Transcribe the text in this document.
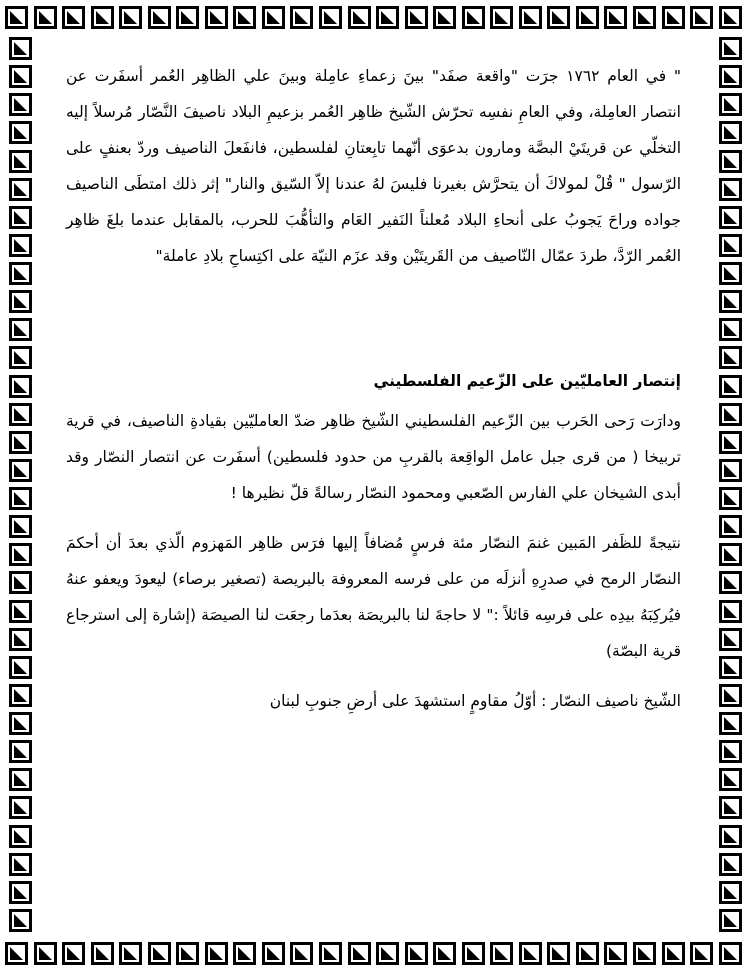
" في العام ١٧٦٢ جرَت "واقعة صفَد" بينَ زعماءِ عامِلة وبينَ علي الظاهِر العُمر أسفَرت عن انتصار العامِلة، وفي العامِ نفسِه تحرّش الشّيخ ظاهِر العُمر بزعيمِ البلاد ناصيفَ النَّصّار مُرسلاً إليه التخلّي عن قريتَيْ البصَّة ومارون بدعوَى أنّهما تابِعتانِ لفلسطين، فانفَعلَ الناصيف وردّ بعنفٍ على الرّسول " قُلْ لمولاكَ أن يتحرَّش بغيرنا فليسَ لهُ عندنا إلاّ السّيق والنار" إثر ذلك امتطَى الناصيف جواده وراحَ يَجوبُ على أنحاءِ البلاد مُعلناً النَفير العَام والتأهُّبَ للحرب، بالمقابل عندما بلغَ ظاهِر العُمر الرّدَّ، طردَ عمّال النّاصيف من القَريتَيْن وقد عزَم النيّة على اكتِساحِ بلادِ عاملة"

إنتصار العامليّين على الزّعيم الفلسطيني

ودارَت رَحى الحَرب بين الزّعيم الفلسطيني الشّيخ ظاهِر ضدّ العامليّين بقيادةِ الناصيف، في قرية تربيخا ( من قرى جبل عامل الواقِعة بالقربِ من حدود فلسطين) أسفَرت عن انتصار النصّار وقد أبدى الشيخان علي الفارس الصّعبي ومحمود النصّار رسالةً قلّ نظيرها !

نتيجةً للظَفر المَبين غنمَ النصّار مئة فرسٍ مُضافاً إليها فرَس ظاهِر المَهزوم الّذي بعدَ أن أحكمَ النصّار الرمح في صدرِهِ أنزلَه من على فرسه المعروفة بالبريصة (تصغير برصاء) ليعودَ ويعفو عنهُ فيُركِبَهُ بيدِه على فرسِه قائلاً :" لا حاجةَ لنا بالبريصَة بعدَما رجعَت لنا الصيصَة (إشارة إلى استرجاع قرية البصّة)

الشّيخ ناصيف النصّار : أوّلُ مقاومٍ استشهدَ على أرضِ جنوبِ لبنان
